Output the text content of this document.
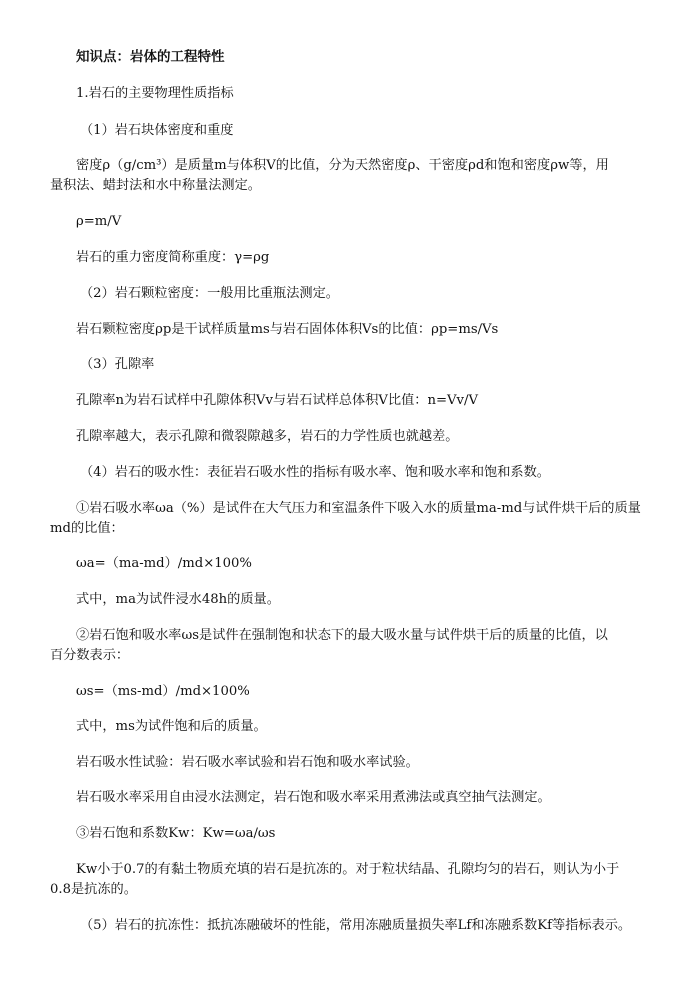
知识点：岩体的工程特性
1.岩石的主要物理性质指标
（1）岩石块体密度和重度
密度ρ（g/cm³）是质量m与体积V的比值，分为天然密度ρ、干密度ρd和饱和密度ρw等，用
量积法、蜡封法和水中称量法测定。
ρ=m/V
岩石的重力密度简称重度：γ=ρg
（2）岩石颗粒密度：一般用比重瓶法测定。
岩石颗粒密度ρp是干试样质量ms与岩石固体体积Vs的比值：ρp=ms/Vs
（3）孔隙率
孔隙率n为岩石试样中孔隙体积Vv与岩石试样总体积V比值：n=Vv/V
孔隙率越大，表示孔隙和微裂隙越多，岩石的力学性质也就越差。
（4）岩石的吸水性：表征岩石吸水性的指标有吸水率、饱和吸水率和饱和系数。
①岩石吸水率ωa（%）是试件在大气压力和室温条件下吸入水的质量ma-md与试件烘干后的质量
md的比值：
ωa=（ma-md）/md×100%
式中，ma为试件浸水48h的质量。
②岩石饱和吸水率ωs是试件在强制饱和状态下的最大吸水量与试件烘干后的质量的比值，以
百分数表示：
ωs=（ms-md）/md×100%
式中，ms为试件饱和后的质量。
岩石吸水性试验：岩石吸水率试验和岩石饱和吸水率试验。
岩石吸水率采用自由浸水法测定，岩石饱和吸水率采用煮沸法或真空抽气法测定。
③岩石饱和系数Kw：Kw=ωa/ωs
Kw小于0.7的有黏土物质充填的岩石是抗冻的。对于粒状结晶、孔隙均匀的岩石，则认为小于
0.8是抗冻的。
（5）岩石的抗冻性：抵抗冻融破坏的性能，常用冻融质量损失率Lf和冻融系数Kf等指标表示。
